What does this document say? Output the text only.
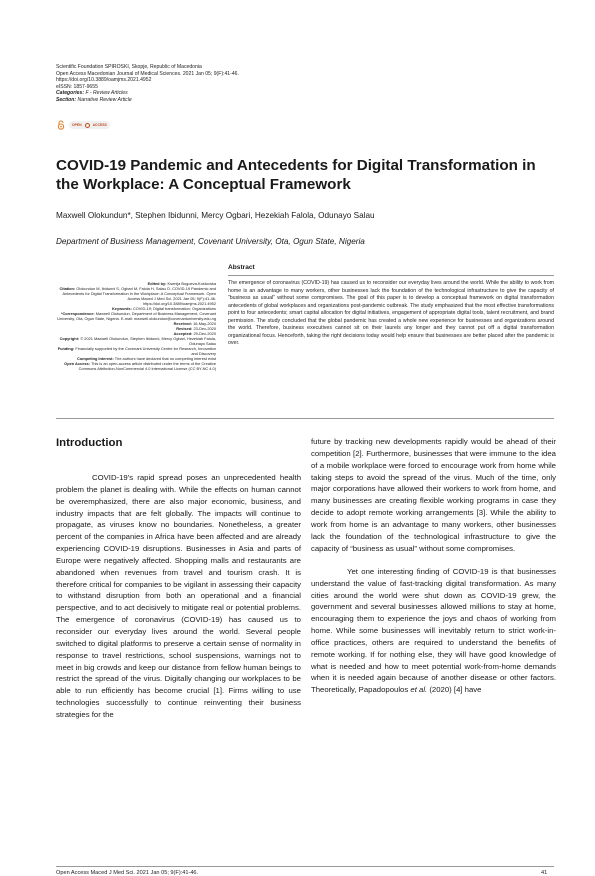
Scientific Foundation SPIROSKI, Skopje, Republic of Macedonia
Open Access Macedonian Journal of Medical Sciences. 2021 Jan 05; 9(F):41-46.
https://doi.org/10.3889/oamjms.2021.4952
eISSN: 1857-9655
Categories: F - Review Articles
Section: Narrative Review Article
OPEN	ACCESS
COVID-19 Pandemic and Antecedents for Digital Transformation in the Workplace: A Conceptual Framework
Maxwell Olokundun*, Stephen Ibidunni, Mercy Ogbari, Hezekiah Falola, Odunayo Salau
Department of Business Management, Covenant University, Ota, Ogun State, Nigeria
Edited by: Ksenija Bogoeva-Kostovska
Citation: Olokundun M, Ibidunni S, Ogbari M, Falola H, Salau O. COVID-19 Pandemic and Antecedents for Digital Transformation in the Workplace: A Conceptual Framework. Open Access Maced J Med Sci. 2021 Jan 05; 9(F):41-46. https://doi.org/10.3889/oamjms.2021.4952
Keywords: COVID-19; Digital transformation; Organizations
*Correspondence: Maxwell Olokundun, Department of Business Management, Covenant University, Ota, Ogun State, Nigeria. E-mail: maxwell.olokundun@covenantuniversity.edu.ng
Received: 16-May-2020
Revised: 23-Dec-2020
Accepted: 29-Dec-2020
Copyright: © 2021 Maxwell Olokundun, Stephen Ibidunni, Mercy Ogbari, Hezekiah Falola, Odunayo Salau
Funding: Financially supported by the Covenant University Centre for Research, Innovation and Discovery
Competing Interest: The authors have declared that no competing interest exist
Open Access: This is an open-access article distributed under the terms of the Creative Commons Attribution-NonCommercial 4.0 International License (CC BY-NC 4.0)
Abstract
The emergence of coronavirus (COVID-19) has caused us to reconsider our everyday lives around the world. While the ability to work from home is an advantage to many workers, other businesses lack the foundation of the technological infrastructure to give the capacity of “business as usual” without some compromises. The goal of this paper is to develop a conceptual framework on digital transformation antecedents of global workplaces and organizations post-pandemic outbreak. The study emphasized that the most effective transformations point to four antecedents; smart capital allocation for digital initiatives, engagement of appropriate digital tools, talent recruitment, and brand permission. The study concluded that the global pandemic has created a whole new experience for businesses and organizations around the world. Therefore, business executives cannot sit on their laurels any longer and they cannot put off a digital transformation organizational focus. Henceforth, taking the right decisions today would help ensure that businesses are better placed after the pandemic is over.
Introduction

COVID-19's rapid spread poses an unprecedented health problem the planet is dealing with. While the effects on human cannot be overemphasized, there are also major economic, business, and industry impacts that are felt globally. The impacts will continue to propagate, as viruses know no boundaries. Nonetheless, a greater percent of the companies in Africa have been affected and are already experiencing COVID-19 disruptions. Businesses in Asia and parts of Europe were negatively affected. Shopping malls and restaurants are abandoned when revenues from travel and tourism crash. It is therefore critical for companies to be vigilant in assessing their capacity to withstand disruption from both an operational and a financial perspective, and to act decisively to mitigate real or potential problems. The emergence of coronavirus (COVID-19) has caused us to reconsider our everyday lives around the world. Several people switched to digital platforms to preserve a certain sense of normality in response to travel restrictions, school suspensions, warnings not to meet in big crowds and keep our distance from fellow human beings to restrict the spread of the virus. Digitally changing our workplaces to be able to run efficiently has become crucial [1]. Firms willing to use technologies successfully to continue reinventing their business strategies for the

future by tracking new developments rapidly would be ahead of their competition [2]. Furthermore, businesses that were immune to the idea of a mobile workplace were forced to encourage work from home while taking steps to avoid the spread of the virus. Much of the time, only major corporations have allowed their workers to work from home, and many businesses are creating flexible working programs in case they decide to adopt remote working arrangements [3]. While the ability to work from home is an advantage to many workers, other businesses lack the foundation of the technological infrastructure to give the capacity of “business as usual” without some compromises.

Yet one interesting finding of COVID-19 is that businesses understand the value of fast-tracking digital transformation. As many cities around the world were shut down as COVID-19 grew, the government and several businesses allowed millions to stay at home, encouraging them to experience the joys and chaos of working from home. While some businesses will inevitably return to strict work-in-office practices, others are required to understand the benefits of remote working. If for nothing else, they will have good knowledge of what is needed and how to meet potential work-from-home demands when it is needed again because of another disease or other factors. Theoretically, Papadopoulos et al. (2020) [4] have

Open Access Maced J Med Sci. 2021 Jan 05; 9(F):41-46.	41
